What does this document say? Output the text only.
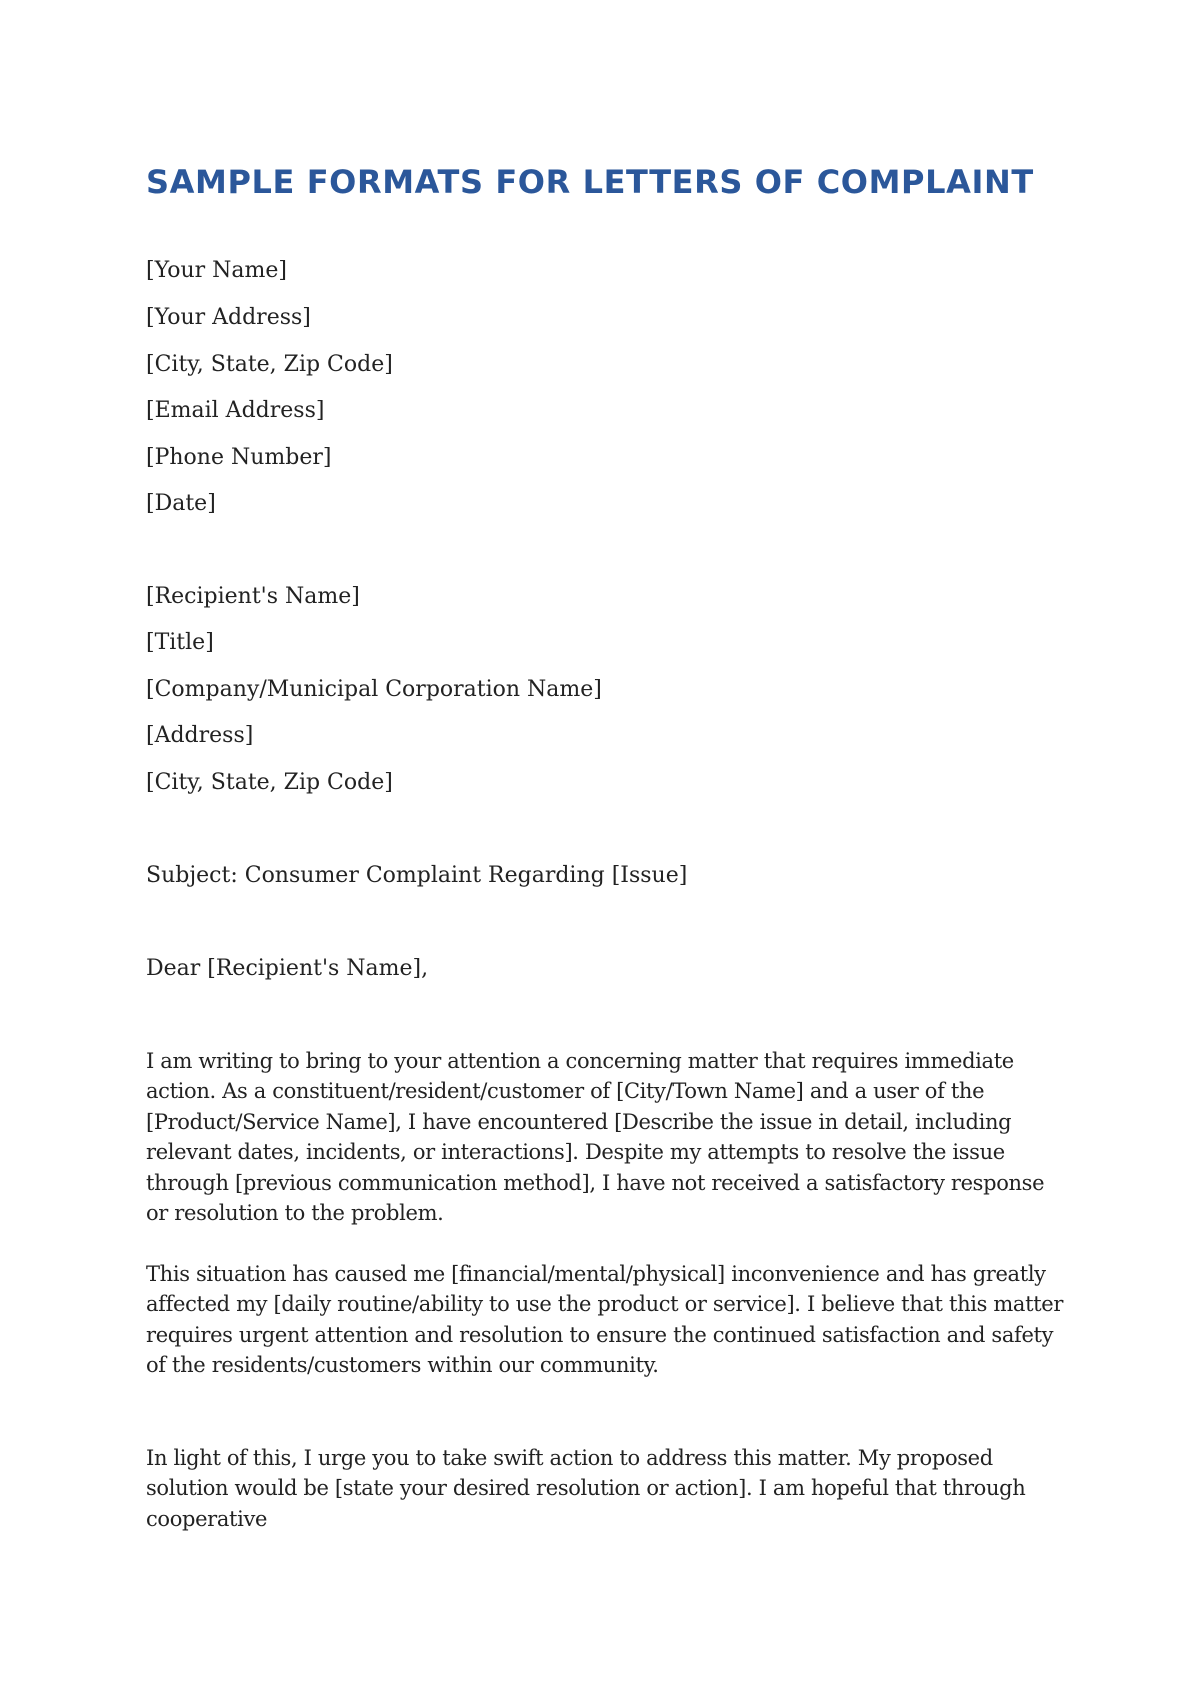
SAMPLE FORMATS FOR LETTERS OF COMPLAINT

[Your Name]

[Your Address]

[City, State, Zip Code]

[Email Address]

[Phone Number]

[Date]

[Recipient's Name]

[Title]

[Company/Municipal Corporation Name]

[Address]

[City, State, Zip Code]

Subject: Consumer Complaint Regarding [Issue]

Dear [Recipient's Name],

I am writing to bring to your attention a concerning matter that requires immediate action. As a constituent/resident/customer of [City/Town Name] and a user of the [Product/Service Name], I have encountered [Describe the issue in detail, including relevant dates, incidents, or interactions]. Despite my attempts to resolve the issue through [previous communication method], I have not received a satisfactory response or resolution to the problem.

This situation has caused me [financial/mental/physical] inconvenience and has greatly affected my [daily routine/ability to use the product or service]. I believe that this matter requires urgent attention and resolution to ensure the continued satisfaction and safety of the residents/customers within our community.

In light of this, I urge you to take swift action to address this matter. My proposed solution would be [state your desired resolution or action]. I am hopeful that through cooperative
